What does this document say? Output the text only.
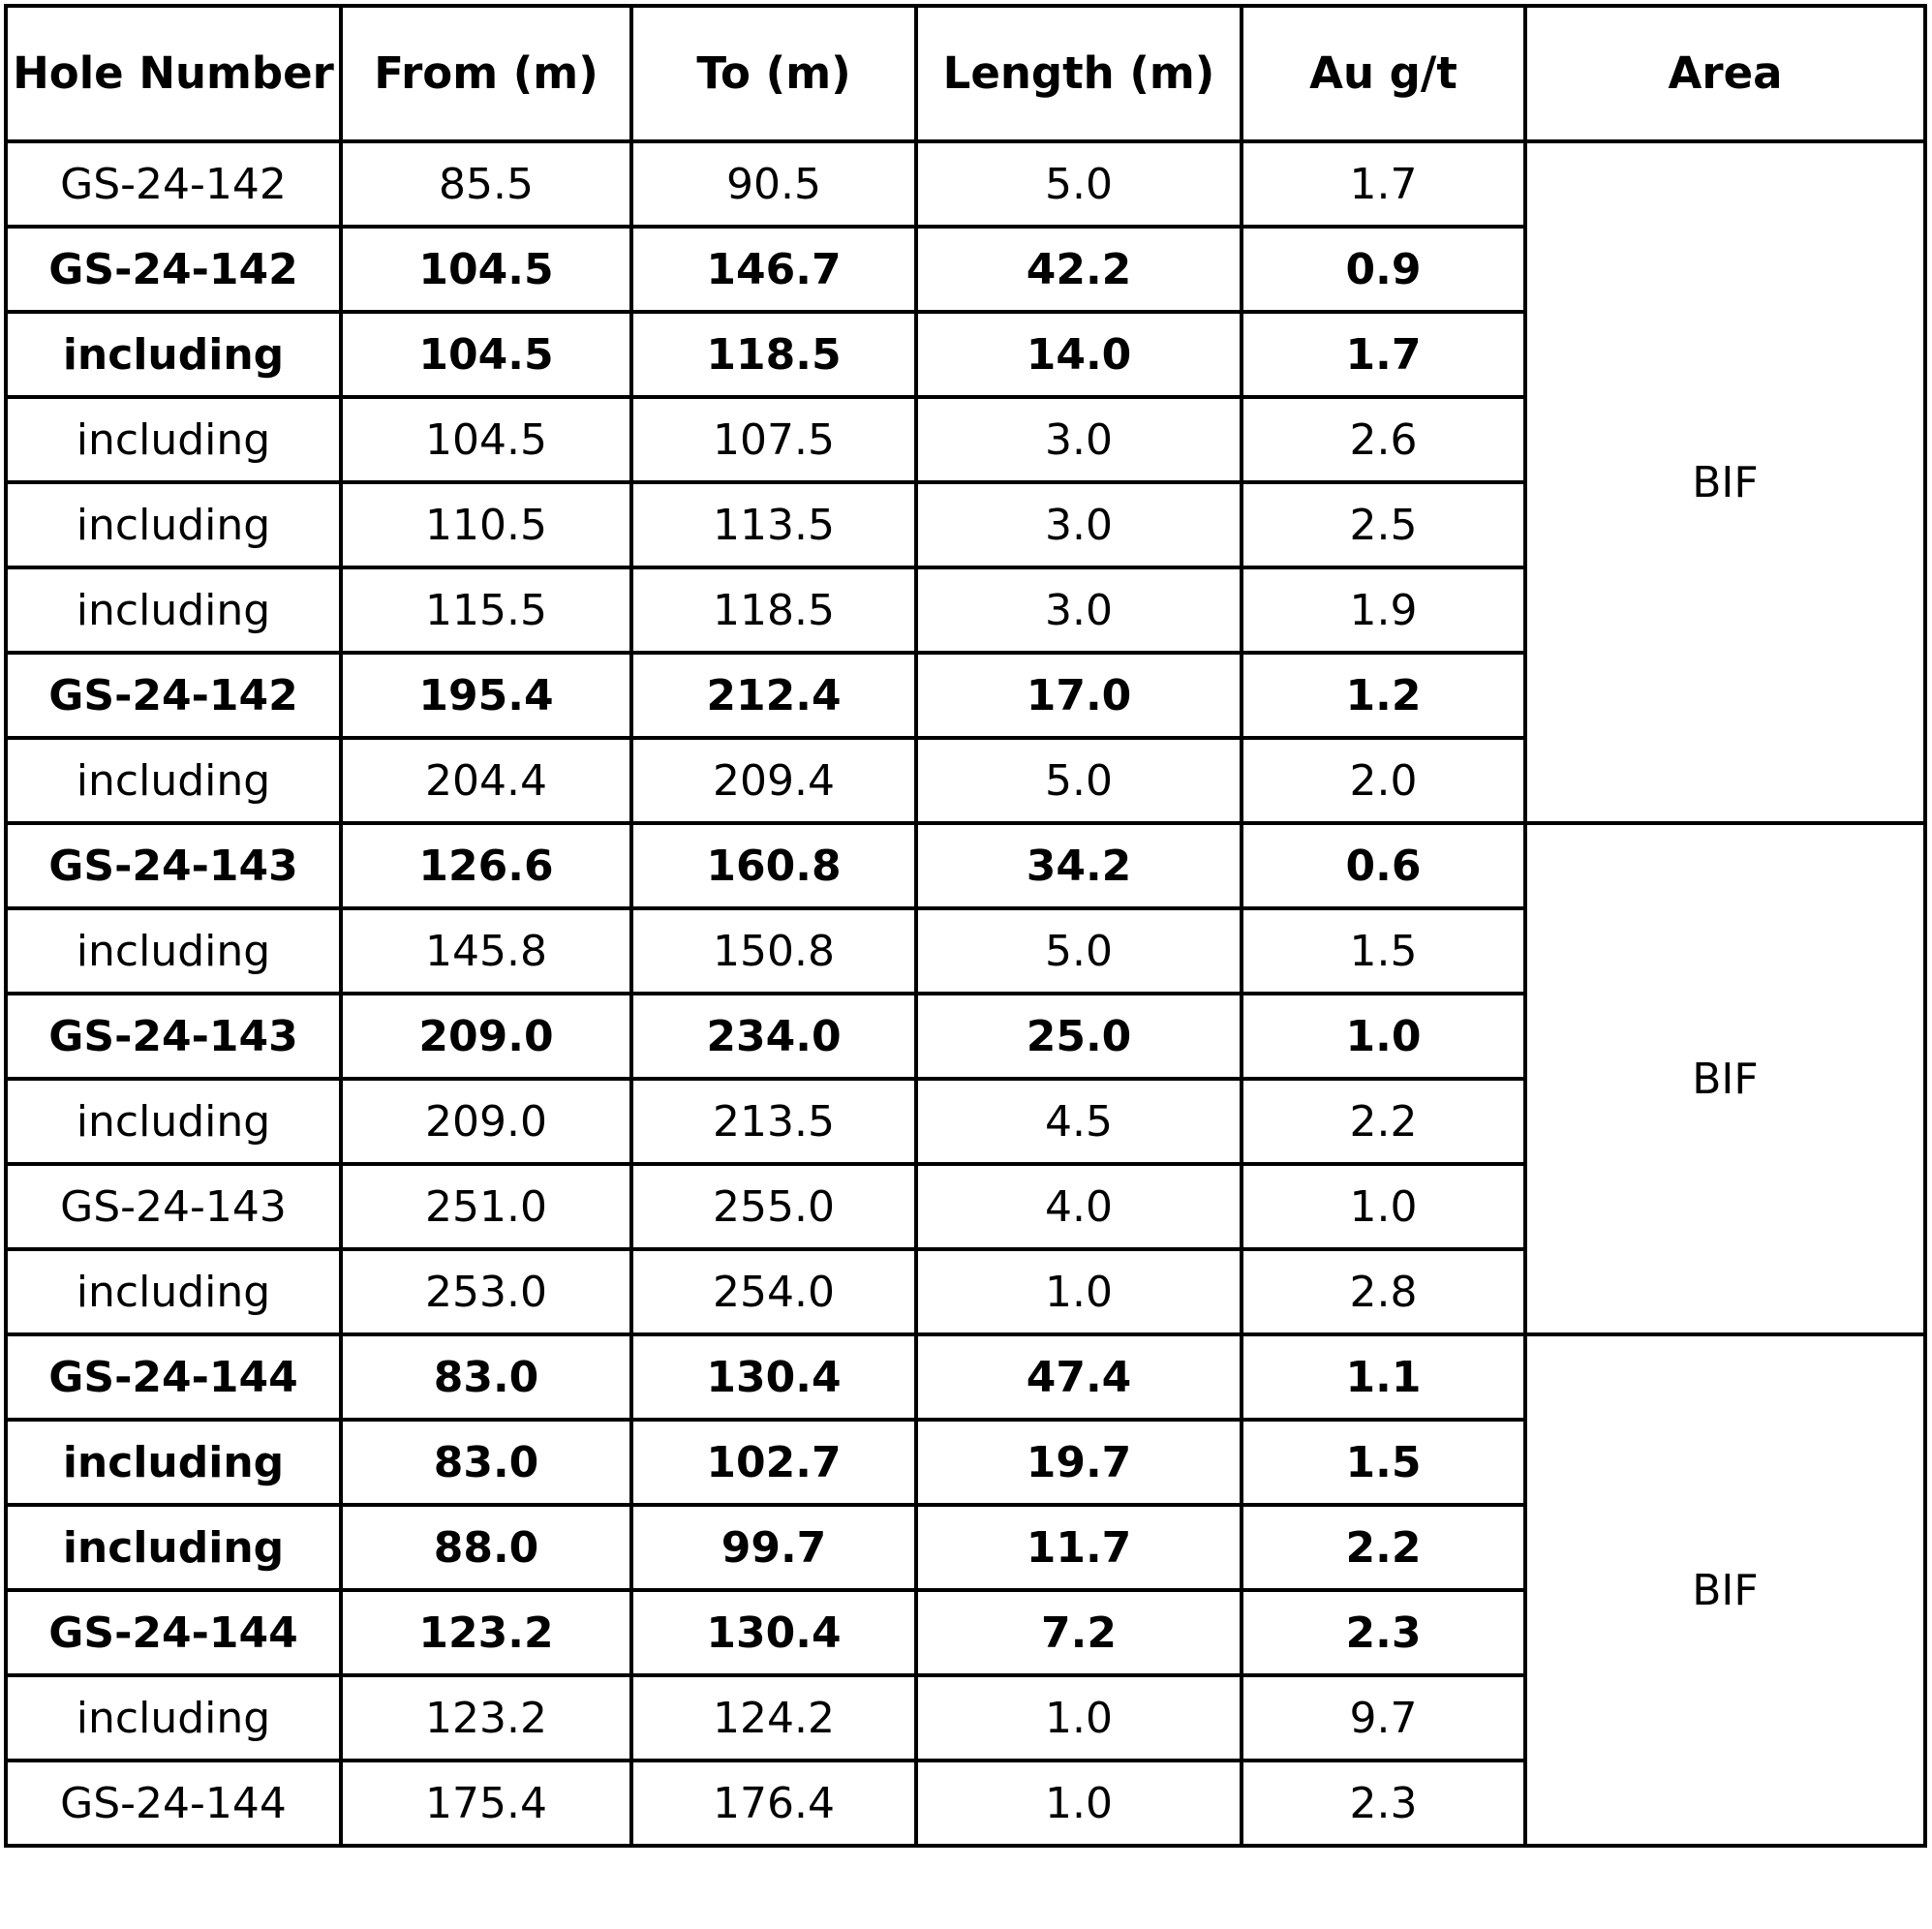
Hole Number	From (m)	To (m)	Length (m)	Au g/t	Area
GS-24-142	85.5	90.5	5.0	1.7	BIF
GS-24-142	104.5	146.7	42.2	0.9	
including	104.5	118.5	14.0	1.7	
including	104.5	107.5	3.0	2.6	
including	110.5	113.5	3.0	2.5	
including	115.5	118.5	3.0	1.9	
GS-24-142	195.4	212.4	17.0	1.2	
including	204.4	209.4	5.0	2.0	
GS-24-143	126.6	160.8	34.2	0.6	BIF
including	145.8	150.8	5.0	1.5	
GS-24-143	209.0	234.0	25.0	1.0	
including	209.0	213.5	4.5	2.2	
GS-24-143	251.0	255.0	4.0	1.0	
including	253.0	254.0	1.0	2.8	
GS-24-144	83.0	130.4	47.4	1.1	BIF
including	83.0	102.7	19.7	1.5	
including	88.0	99.7	11.7	2.2	
GS-24-144	123.2	130.4	7.2	2.3	
including	123.2	124.2	1.0	9.7	
GS-24-144	175.4	176.4	1.0	2.3	
